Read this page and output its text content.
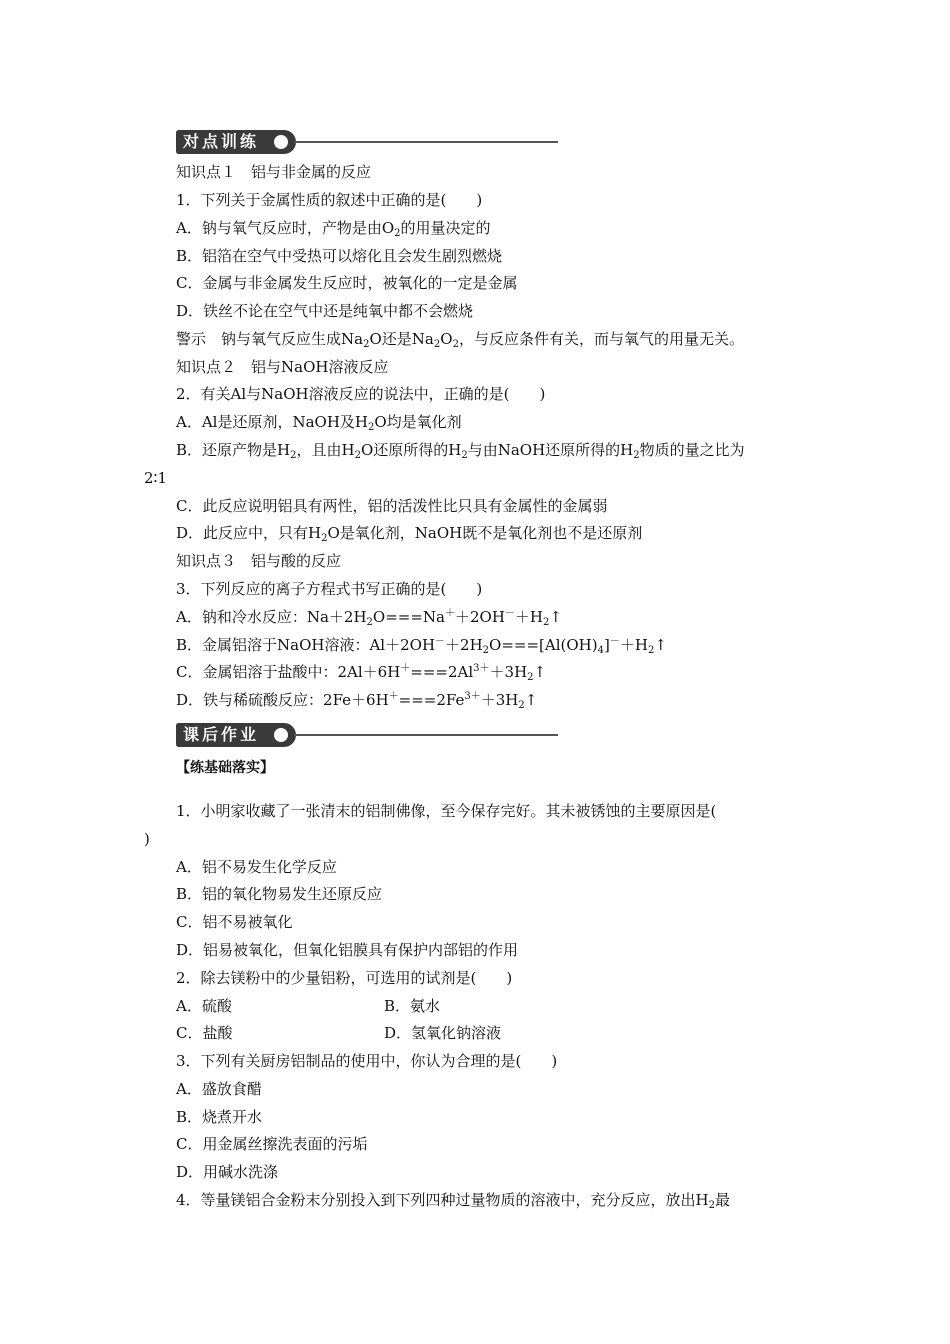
对点训练
知识点１　铝与非金属的反应
1．下列关于金属性质的叙述中正确的是(　　)
A．钠与氧气反应时，产物是由$O_2$的用量决定的
B．铝箔在空气中受热可以熔化且会发生剧烈燃烧
C．金属与非金属发生反应时，被氧化的一定是金属
D．铁丝不论在空气中还是纯氧中都不会燃烧
警示　钠与氧气反应生成$Na_2O$还是$Na_2O_2$，与反应条件有关，而与氧气的用量无关。
知识点２　铝与NaOH溶液反应
2．有关Al与NaOH溶液反应的说法中，正确的是(　　)
A．Al是还原剂，NaOH及$H_2O$均是氧化剂
B．还原产物是$H_2$，且由$H_2O$还原所得的$H_2$与由NaOH还原所得的$H_2$物质的量之比为
2∶1
C．此反应说明铝具有两性，铝的活泼性比只具有金属性的金属弱
D．此反应中，只有$H_2O$是氧化剂，NaOH既不是氧化剂也不是还原剂
知识点３　铝与酸的反应
3．下列反应的离子方程式书写正确的是(　　)
A．钠和冷水反应：$Na+2H_2O===Na^++2OH^-+H_2↑$
B．金属铝溶于NaOH溶液：$Al+2OH^-+2H_2O===[Al(OH)_4]^-+H_2↑$
C．金属铝溶于盐酸中：$2Al+6H^+===2Al^{3+}+3H_2↑$
D．铁与稀硫酸反应：$2Fe+6H^+===2Fe^{3+}+3H_2↑$
课后作业
【练基础落实】
1．小明家收藏了一张清末的铝制佛像，至今保存完好。其未被锈蚀的主要原因是(
)
A．铝不易发生化学反应
B．铝的氧化物易发生还原反应
C．铝不易被氧化
D．铝易被氧化，但氧化铝膜具有保护内部铝的作用
2．除去镁粉中的少量铝粉，可选用的试剂是(　　)
A．硫酸	B．氨水
C．盐酸	D．氢氧化钠溶液
3．下列有关厨房铝制品的使用中，你认为合理的是(　　)
A．盛放食醋
B．烧煮开水
C．用金属丝擦洗表面的污垢
D．用碱水洗涤
4．等量镁铝合金粉末分别投入到下列四种过量物质的溶液中，充分反应，放出$H_2$最
